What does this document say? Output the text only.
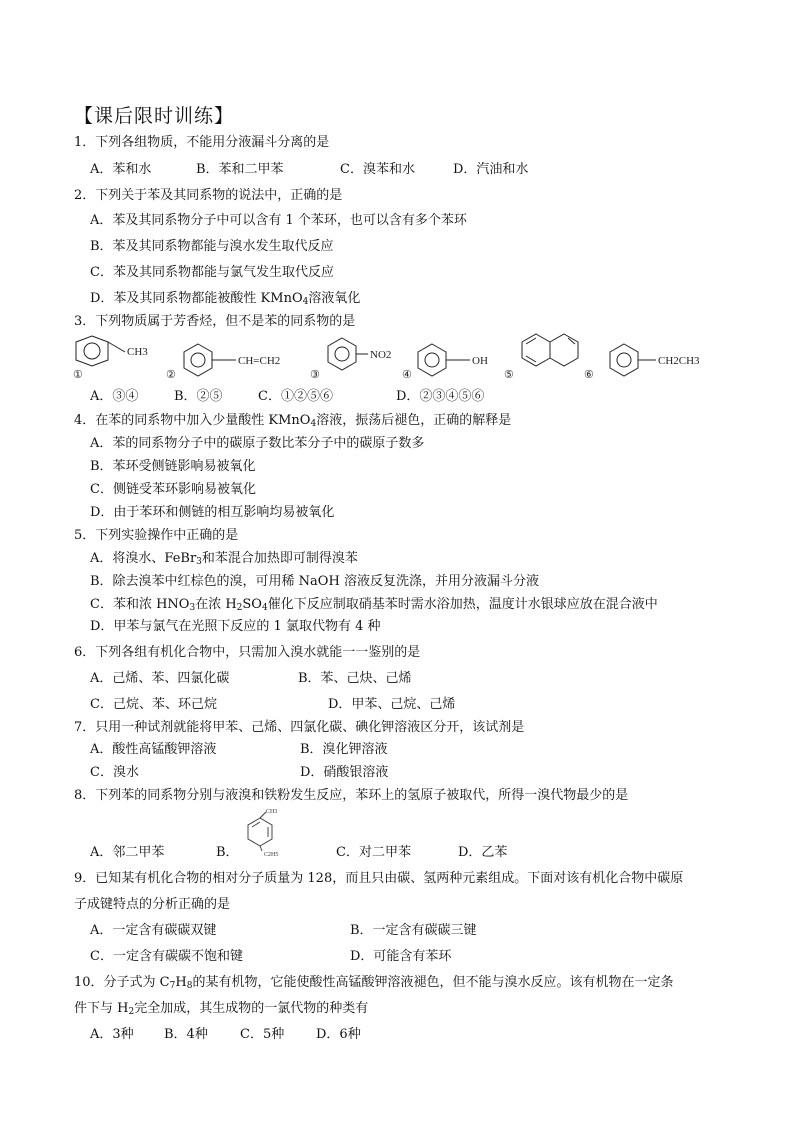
【课后限时训练】
1．下列各组物质，不能用分液漏斗分离的是
A．苯和水	B．苯和二甲苯	C．溴苯和水	D．汽油和水
2．下列关于苯及其同系物的说法中，正确的是
A．苯及其同系物分子中可以含有 1 个苯环，也可以含有多个苯环
B．苯及其同系物都能与溴水发生取代反应
C．苯及其同系物都能与氯气发生取代反应
D．苯及其同系物都能被酸性 KMnO$_4$溶液氧化
3．下列物质属于芳香烃，但不是苯的同系物的是
①
CH3
②
CH=CH2
③
NO2
④
OH
⑤	⑥
CH2CH3
A．③④	B．②⑤	C．①②⑤⑥	D．②③④⑤⑥
4．在苯的同系物中加入少量酸性 KMnO$_4$溶液，振荡后褪色，正确的解释是
A．苯的同系物分子中的碳原子数比苯分子中的碳原子数多
B．苯环受侧链影响易被氧化
C．侧链受苯环影响易被氧化
D．由于苯环和侧链的相互影响均易被氧化
5．下列实验操作中正确的是
A．将溴水、FeBr$_3$和苯混合加热即可制得溴苯
B．除去溴苯中红棕色的溴，可用稀 NaOH 溶液反复洗涤，并用分液漏斗分液
C．苯和浓 $HNO_3$在浓 $H_2SO_4$催化下反应制取硝基苯时需水浴加热，温度计水银球应放在混合液中
D．甲苯与氯气在光照下反应的 1 氯取代物有 4 种
6．下列各组有机化合物中，只需加入溴水就能一一鉴别的是
A．己烯、苯、四氯化碳	B．苯、己炔、己烯
C．己烷、苯、环己烷	D．甲苯、己烷、己烯
7．只用一种试剂就能将甲苯、己烯、四氯化碳、碘化钾溶液区分开，该试剂是
A．酸性高锰酸钾溶液	B．溴化钾溶液
C．溴水	D．硝酸银溶液
8．下列苯的同系物分别与液溴和铁粉发生反应，苯环上的氢原子被取代，所得一溴代物最少的是
CH3
C2H5
A．邻二甲苯	B．	C．对二甲苯	D．乙苯
9．已知某有机化合物的相对分子质量为 128，而且只由碳、氢两种元素组成。下面对该有机化合物中碳原
子成键特点的分析正确的是
A．一定含有碳碳双键	B．一定含有碳碳三键
C．一定含有碳碳不饱和键	D．可能含有苯环
10．分子式为 $C_7H_8$的某有机物，它能使酸性高锰酸钾溶液褪色，但不能与溴水反应。该有机物在一定条
件下与 $H_2$完全加成，其生成物的一氯代物的种类有
A．3种 B．4种 C．5种 D．6种
